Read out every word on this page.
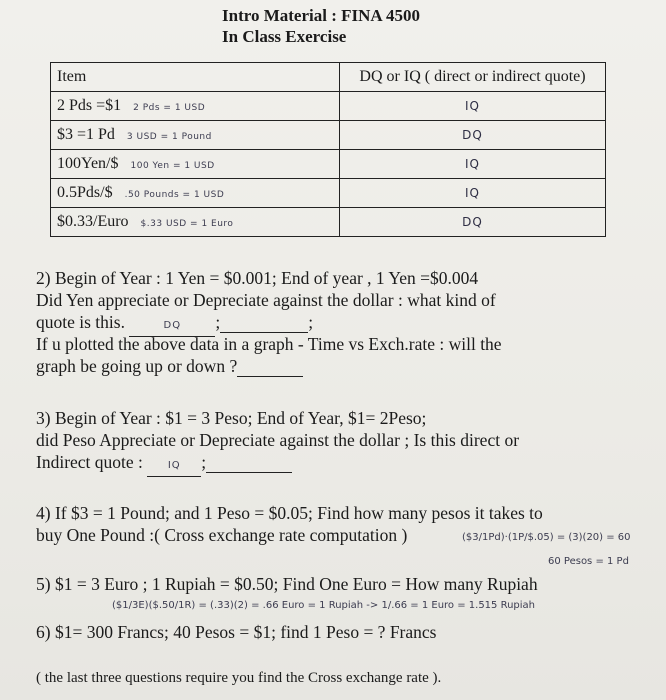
Intro Material : FINA 4500
In Class Exercise
Item	DQ or IQ ( direct or indirect quote)
2 Pds =$1 2 Pds = 1 USD	IQ
$3 =1 Pd 3 USD = 1 Pound	DQ
100Yen/$ 100 Yen = 1 USD	IQ
0.5Pds/$ .50 Pounds = 1 USD	IQ
$0.33/Euro $.33 USD = 1 Euro	DQ
2) Begin of Year : 1 Yen = $0.001; End of year , 1 Yen =$0.004
Did Yen appreciate or Depreciate against the dollar : what kind of
quote is this.	DQ ;	;
If u plotted the above data in a graph - Time vs Exch.rate : will the
graph be going up or down ?
3) Begin of Year : $1 = 3 Peso; End of Year, $1= 2Peso;
did Peso Appreciate or Depreciate against the dollar ; Is this direct or
Indirect quote : IQ ;
4) If $3 = 1 Pound; and 1 Peso = $0.05; Find how many pesos it takes to
buy One Pound :( Cross exchange rate computation )	($3/1Pd)·(1P/$.05) = (3)(20) = 60
60 Pesos = 1 Pd
5) $1 = 3 Euro ; 1 Rupiah = $0.50; Find One Euro = How many Rupiah
($1/3E)($.50/1R) = (.33)(2) = .66 Euro = 1 Rupiah -> 1/.66 = 1 Euro = 1.515 Rupiah
6) $1= 300 Francs; 40 Pesos = $1; find 1 Peso = ? Francs
( the last three questions require you find the Cross exchange rate ).
